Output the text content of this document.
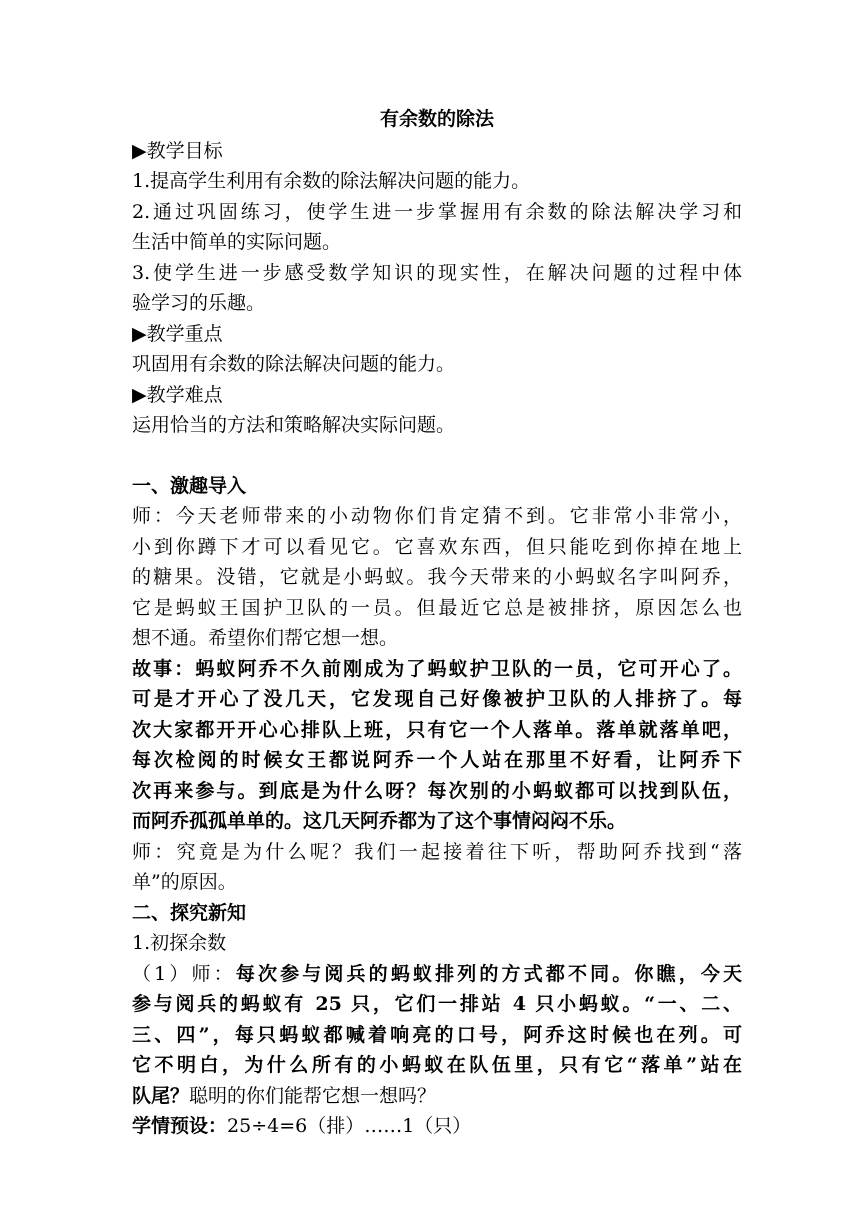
有余数的除法
▶教学目标
1.提高学生利用有余数的除法解决问题的能力。
2.通过巩固练习，使学生进一步掌握用有余数的除法解决学习和
生活中简单的实际问题。
3.使学生进一步感受数学知识的现实性，在解决问题的过程中体
验学习的乐趣。
▶教学重点
巩固用有余数的除法解决问题的能力。
▶教学难点
运用恰当的方法和策略解决实际问题。
一、激趣导入
师：今天老师带来的小动物你们肯定猜不到。它非常小非常小，
小到你蹲下才可以看见它。它喜欢东西，但只能吃到你掉在地上
的糖果。没错，它就是小蚂蚁。我今天带来的小蚂蚁名字叫阿乔，
它是蚂蚁王国护卫队的一员。但最近它总是被排挤，原因怎么也
想不通。希望你们帮它想一想。
故事：蚂蚁阿乔不久前刚成为了蚂蚁护卫队的一员，它可开心了。
可是才开心了没几天，它发现自己好像被护卫队的人排挤了。每
次大家都开开心心排队上班，只有它一个人落单。落单就落单吧，
每次检阅的时候女王都说阿乔一个人站在那里不好看，让阿乔下
次再来参与。到底是为什么呀？每次别的小蚂蚁都可以找到队伍，
而阿乔孤孤单单的。这几天阿乔都为了这个事情闷闷不乐。
师：究竟是为什么呢？我们一起接着往下听，帮助阿乔找到“落
单”的原因。
二、探究新知
1.初探余数
（1）师：每次参与阅兵的蚂蚁排列的方式都不同。你瞧，今天
参与阅兵的蚂蚁有 25 只，它们一排站 4 只小蚂蚁。“一、二、
三、四”，每只蚂蚁都喊着响亮的口号，阿乔这时候也在列。可
它不明白，为什么所有的小蚂蚁在队伍里，只有它“落单”站在
队尾？聪明的你们能帮它想一想吗？
学情预设：25÷4=6（排）……1（只）
